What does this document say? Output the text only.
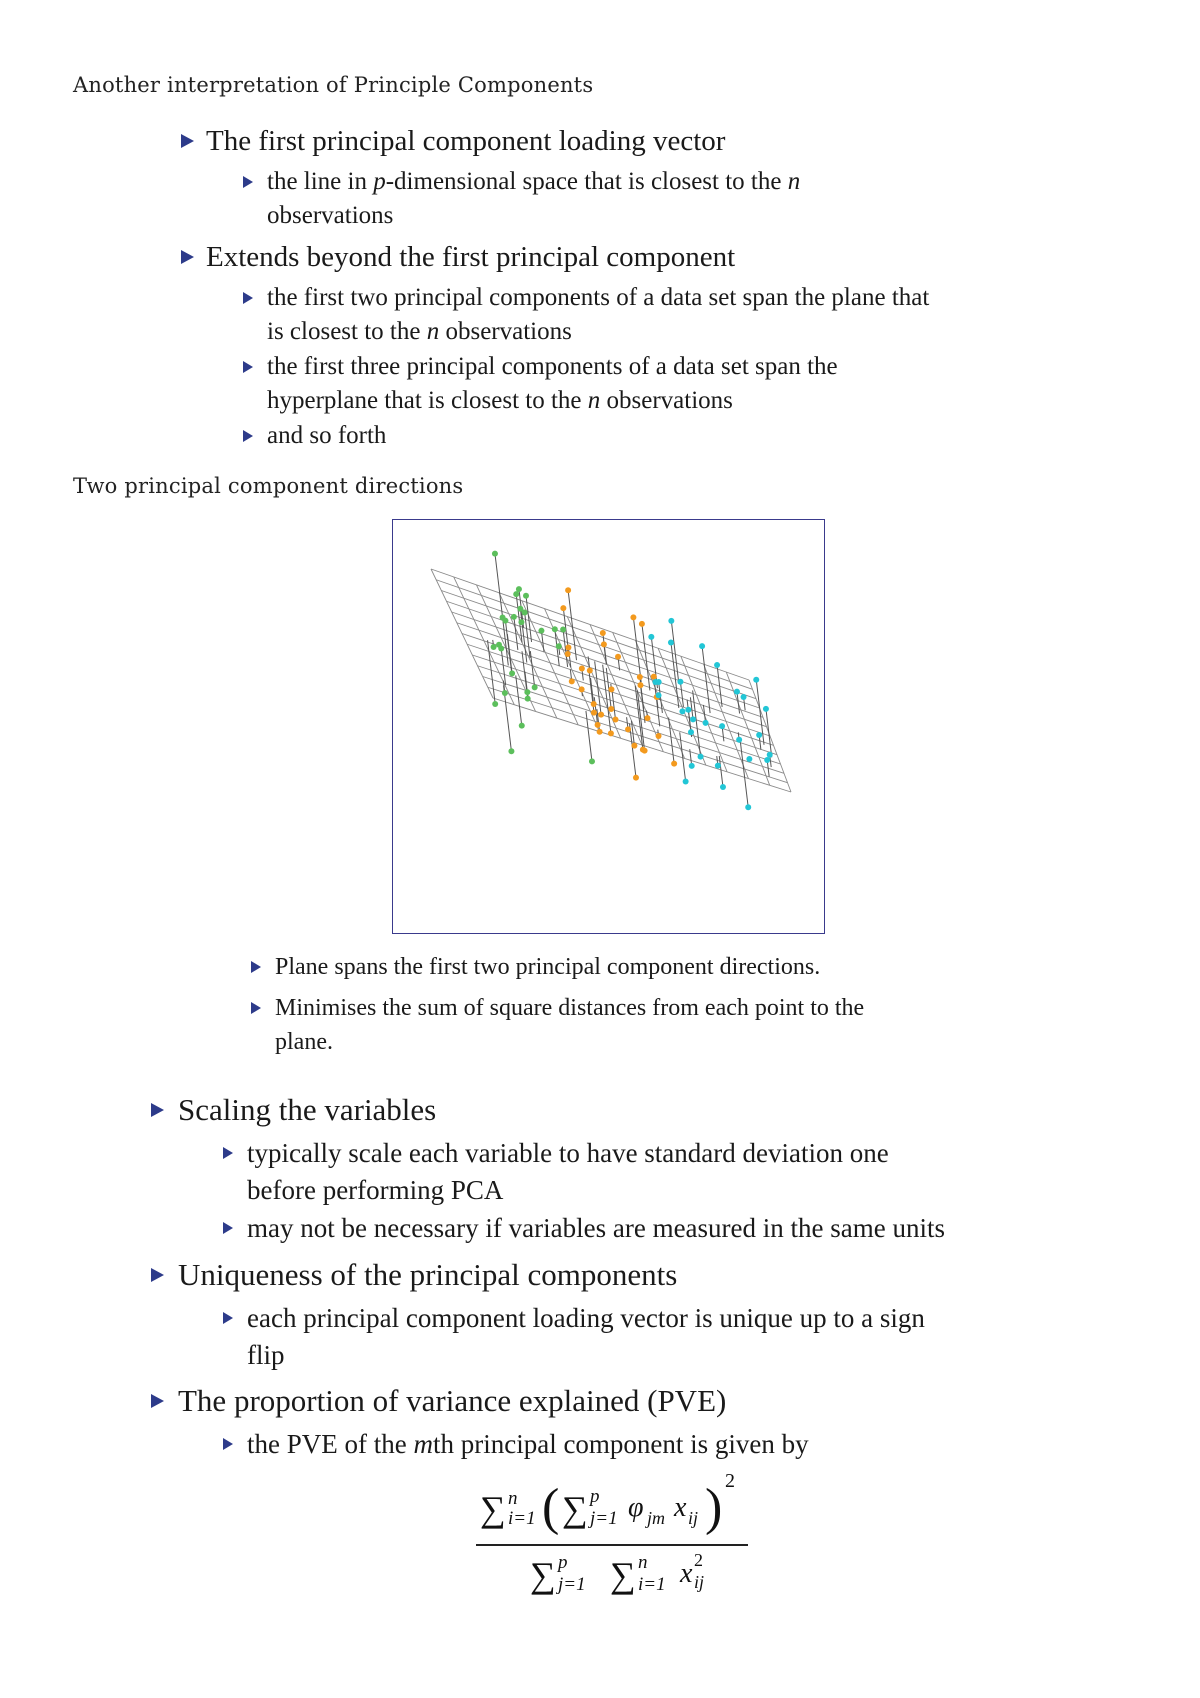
Another interpretation of Principle Components
The first principal component loading vector
the line in p-dimensional space that is closest to the n
observations
Extends beyond the first principal component
the first two principal components of a data set span the plane that
is closest to the n observations
the first three principal components of a data set span the
hyperplane that is closest to the n observations
and so forth
Two principal component directions
Plane spans the first two principal component directions.
Minimises the sum of square distances from each point to the
plane.
Scaling the variables
typically scale each variable to have standard deviation one
before performing PCA
may not be necessary if variables are measured in the same units
Uniqueness of the principal components
each principal component loading vector is unique up to a sign
flip
The proportion of variance explained (PVE)
the PVE of the mth principal component is given by
∑ n
i=1 ( ∑ p
j=1 φ jm x ij ) 2
∑ p
j=1 ∑ n
i=1 x 2
ij
